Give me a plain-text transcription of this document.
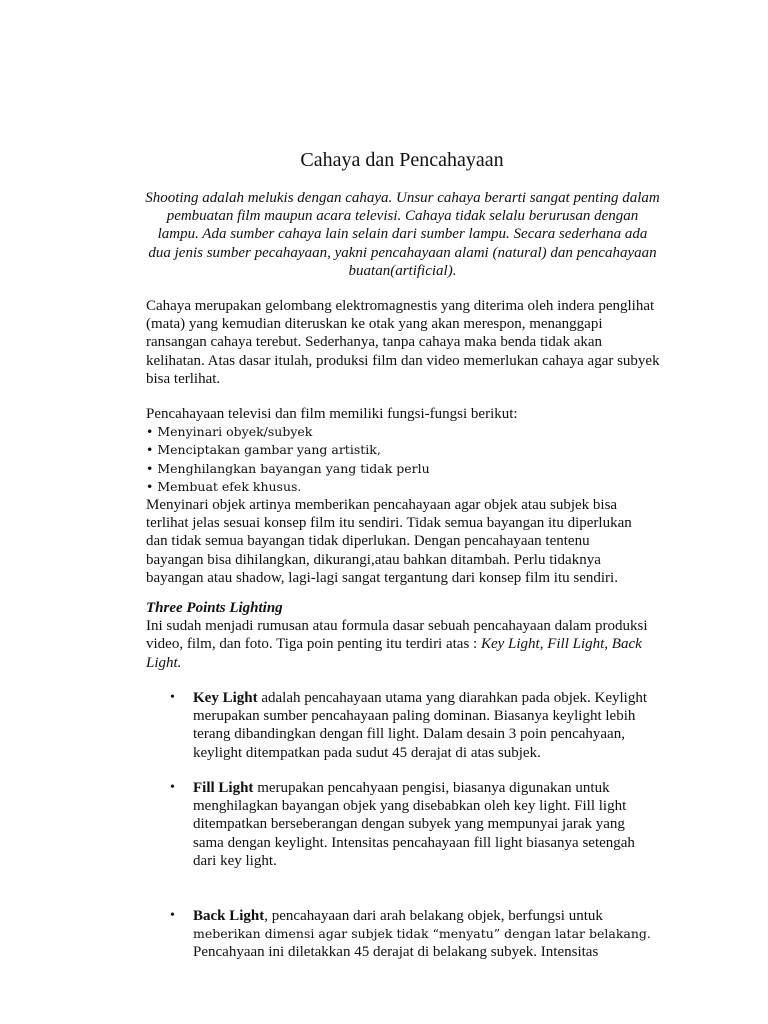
Cahaya dan Pencahayaan

Shooting adalah melukis dengan cahaya. Unsur cahaya berarti sangat penting dalam pembuatan film maupun acara televisi. Cahaya tidak selalu berurusan dengan lampu. Ada sumber cahaya lain selain dari sumber lampu. Secara sederhana ada dua jenis sumber pecahayaan, yakni pencahayaan alami (natural) dan pencahayaan buatan(artificial).

Cahaya merupakan gelombang elektromagnestis yang diterima oleh indera penglihat (mata) yang kemudian diteruskan ke otak yang akan merespon, menanggapi ransangan cahaya terebut. Sederhanya, tanpa cahaya maka benda tidak akan kelihatan. Atas dasar itulah, produksi film dan video memerlukan cahaya agar subyek bisa terlihat.

Pencahayaan televisi dan film memiliki fungsi-fungsi berikut:
• Menyinari obyek/subyek
• Menciptakan gambar yang artistik,
• Menghilangkan bayangan yang tidak perlu
• Membuat efek khusus.
Menyinari objek artinya memberikan pencahayaan agar objek atau subjek bisa
terlihat jelas sesuai konsep film itu sendiri. Tidak semua bayangan itu diperlukan
dan tidak semua bayangan tidak diperlukan. Dengan pencahayaan tentenu
bayangan bisa dihilangkan, dikurangi,atau bahkan ditambah. Perlu tidaknya
bayangan atau shadow, lagi-lagi sangat tergantung dari konsep film itu sendiri.
Three Points Lighting
Ini sudah menjadi rumusan atau formula dasar sebuah pencahayaan dalam produksi video, film, dan foto. Tiga poin penting itu terdiri atas : Key Light, Fill Light, Back Light.
• Key Light adalah pencahayaan utama yang diarahkan pada objek. Keylight merupakan sumber pencahayaan paling dominan. Biasanya keylight lebih terang dibandingkan dengan fill light. Dalam desain 3 poin pencahyaan, keylight ditempatkan pada sudut 45 derajat di atas subjek.
• Fill Light merupakan pencahyaan pengisi, biasanya digunakan untuk menghilagkan bayangan objek yang disebabkan oleh key light. Fill light ditempatkan berseberangan dengan subyek yang mempunyai jarak yang sama dengan keylight. Intensitas pencahayaan fill light biasanya setengah dari key light.
• Back Light, pencahayaan dari arah belakang objek, berfungsi untuk
meberikan dimensi agar subjek tidak “menyatu” dengan latar belakang.
Pencahyaan ini diletakkan 45 derajat di belakang subyek. Intensitas
